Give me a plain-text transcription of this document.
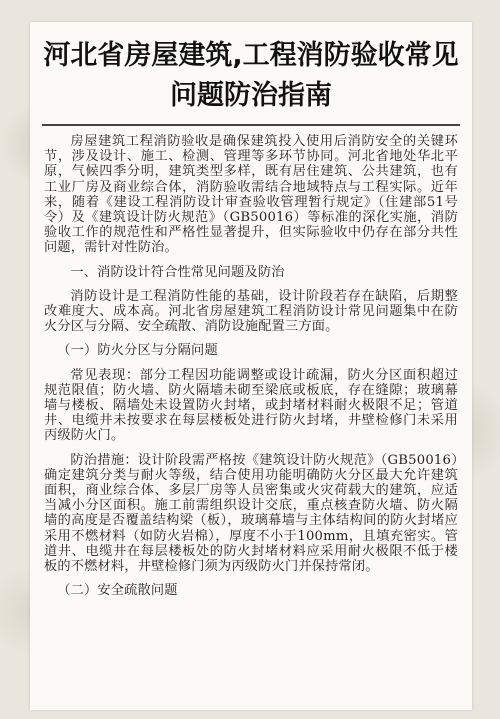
河北省房屋建筑,工程消防验收常见问题防治指南

房屋建筑工程消防验收是确保建筑投入使用后消防安全的关键环节，涉及设计、施工、检测、管理等多环节协同。河北省地处华北平原，气候四季分明，建筑类型多样，既有居住建筑、公共建筑，也有工业厂房及商业综合体，消防验收需结合地域特点与工程实际。近年来，随着《建设工程消防设计审查验收管理暂行规定》（住建部51号令）及《建筑设计防火规范》（GB50016）等标准的深化实施，消防验收工作的规范性和严格性显著提升，但实际验收中仍存在部分共性问题，需针对性防治。

一、消防设计符合性常见问题及防治

消防设计是工程消防性能的基础，设计阶段若存在缺陷，后期整改难度大、成本高。河北省房屋建筑工程消防设计常见问题集中在防火分区与分隔、安全疏散、消防设施配置三方面。

（一）防火分区与分隔问题

常见表现：部分工程因功能调整或设计疏漏，防火分区面积超过规范限值；防火墙、防火隔墙未砌至梁底或板底，存在缝隙；玻璃幕墙与楼板、隔墙处未设置防火封堵，或封堵材料耐火极限不足；管道井、电缆井未按要求在每层楼板处进行防火封堵，井壁检修门未采用丙级防火门。

防治措施：设计阶段需严格按《建筑设计防火规范》（GB50016）确定建筑分类与耐火等级，结合使用功能明确防火分区最大允许建筑面积，商业综合体、多层厂房等人员密集或火灾荷载大的建筑，应适当减小分区面积。施工前需组织设计交底，重点核查防火墙、防火隔墙的高度是否覆盖结构梁（板），玻璃幕墙与主体结构间的防火封堵应采用不燃材料（如防火岩棉），厚度不小于100mm，且填充密实。管道井、电缆井在每层楼板处的防火封堵材料应采用耐火极限不低于楼板的不燃材料，井壁检修门须为丙级防火门并保持常闭。

（二）安全疏散问题
